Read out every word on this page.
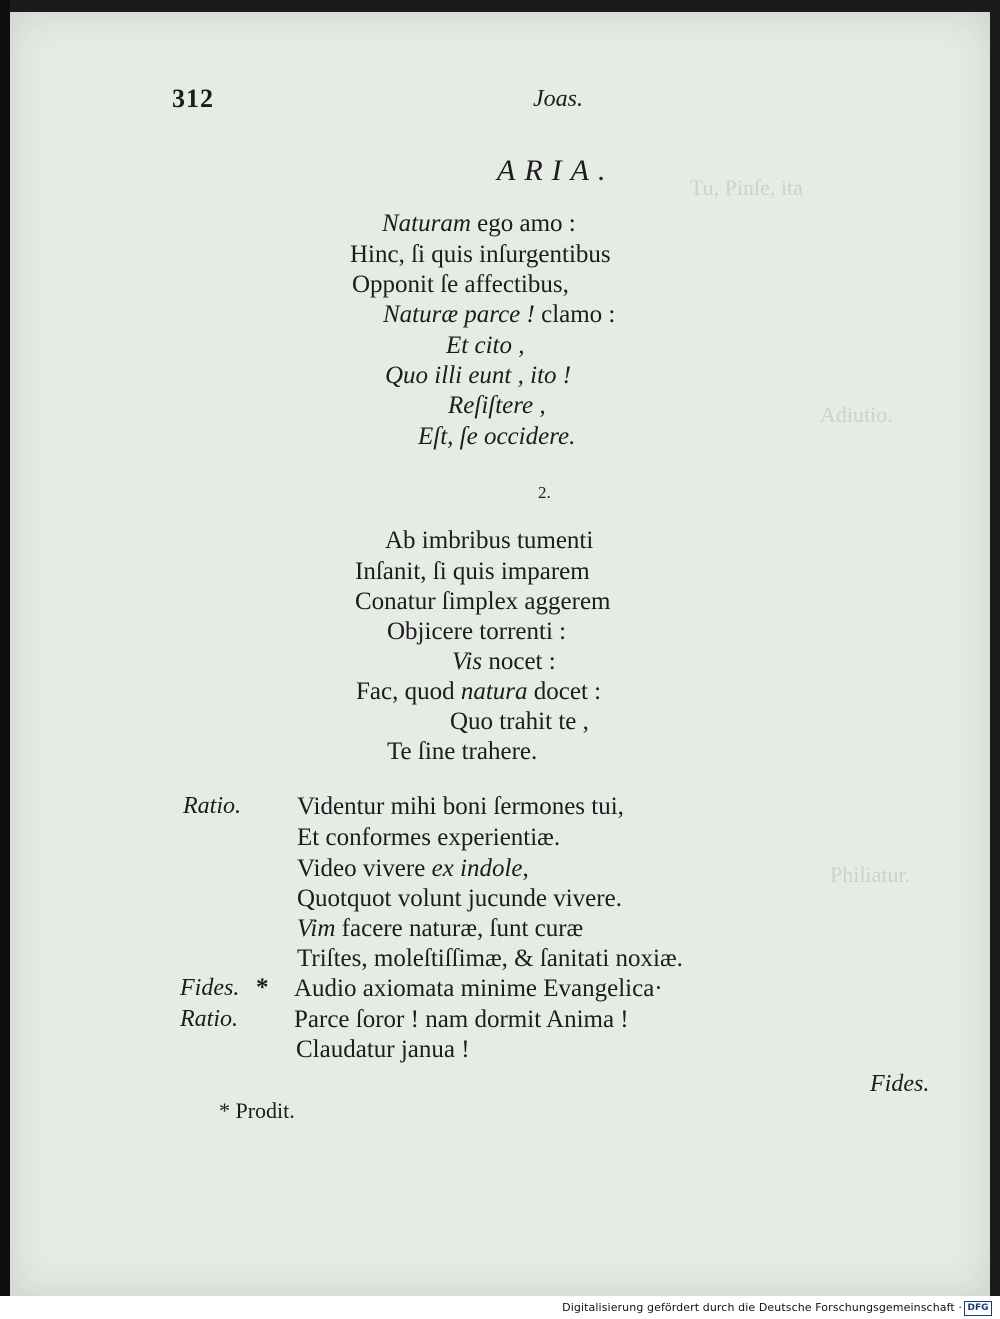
Tu, Pinſe, ita
Adiutio.
Philiatur.
312	Joas.
ARIA.
Naturam ego amo :
Hinc, ſi quis inſurgentibus
Opponit ſe affectibus,
Naturæ parce ! clamo :
Et cito ,
Quo illi eunt , ito !
Reſiſtere ,
Eſt, ſe occidere.
2.
Ab imbribus tumenti
Inſanit, ſi quis imparem
Conatur ſimplex aggerem
Objicere torrenti :
Vis nocet :
Fac, quod natura docet :
Quo trahit te ,
Te ſine trahere.
Ratio. Videntur mihi boni ſermones tui,
Et conformes experientiæ.
Video vivere ex indole,
Quotquot volunt jucunde vivere.
Vim facere naturæ, ſunt curæ
Triſtes, moleſtiſſimæ, & ſanitati noxiæ.
Fides. * Audio axiomata minime Evangelica·
Ratio. Parce ſoror ! nam dormit Anima !
Claudatur janua !
Fides.
* Prodit.
Digitalisierung gefördert durch die Deutsche Forschungsgemeinschaft · DFG
